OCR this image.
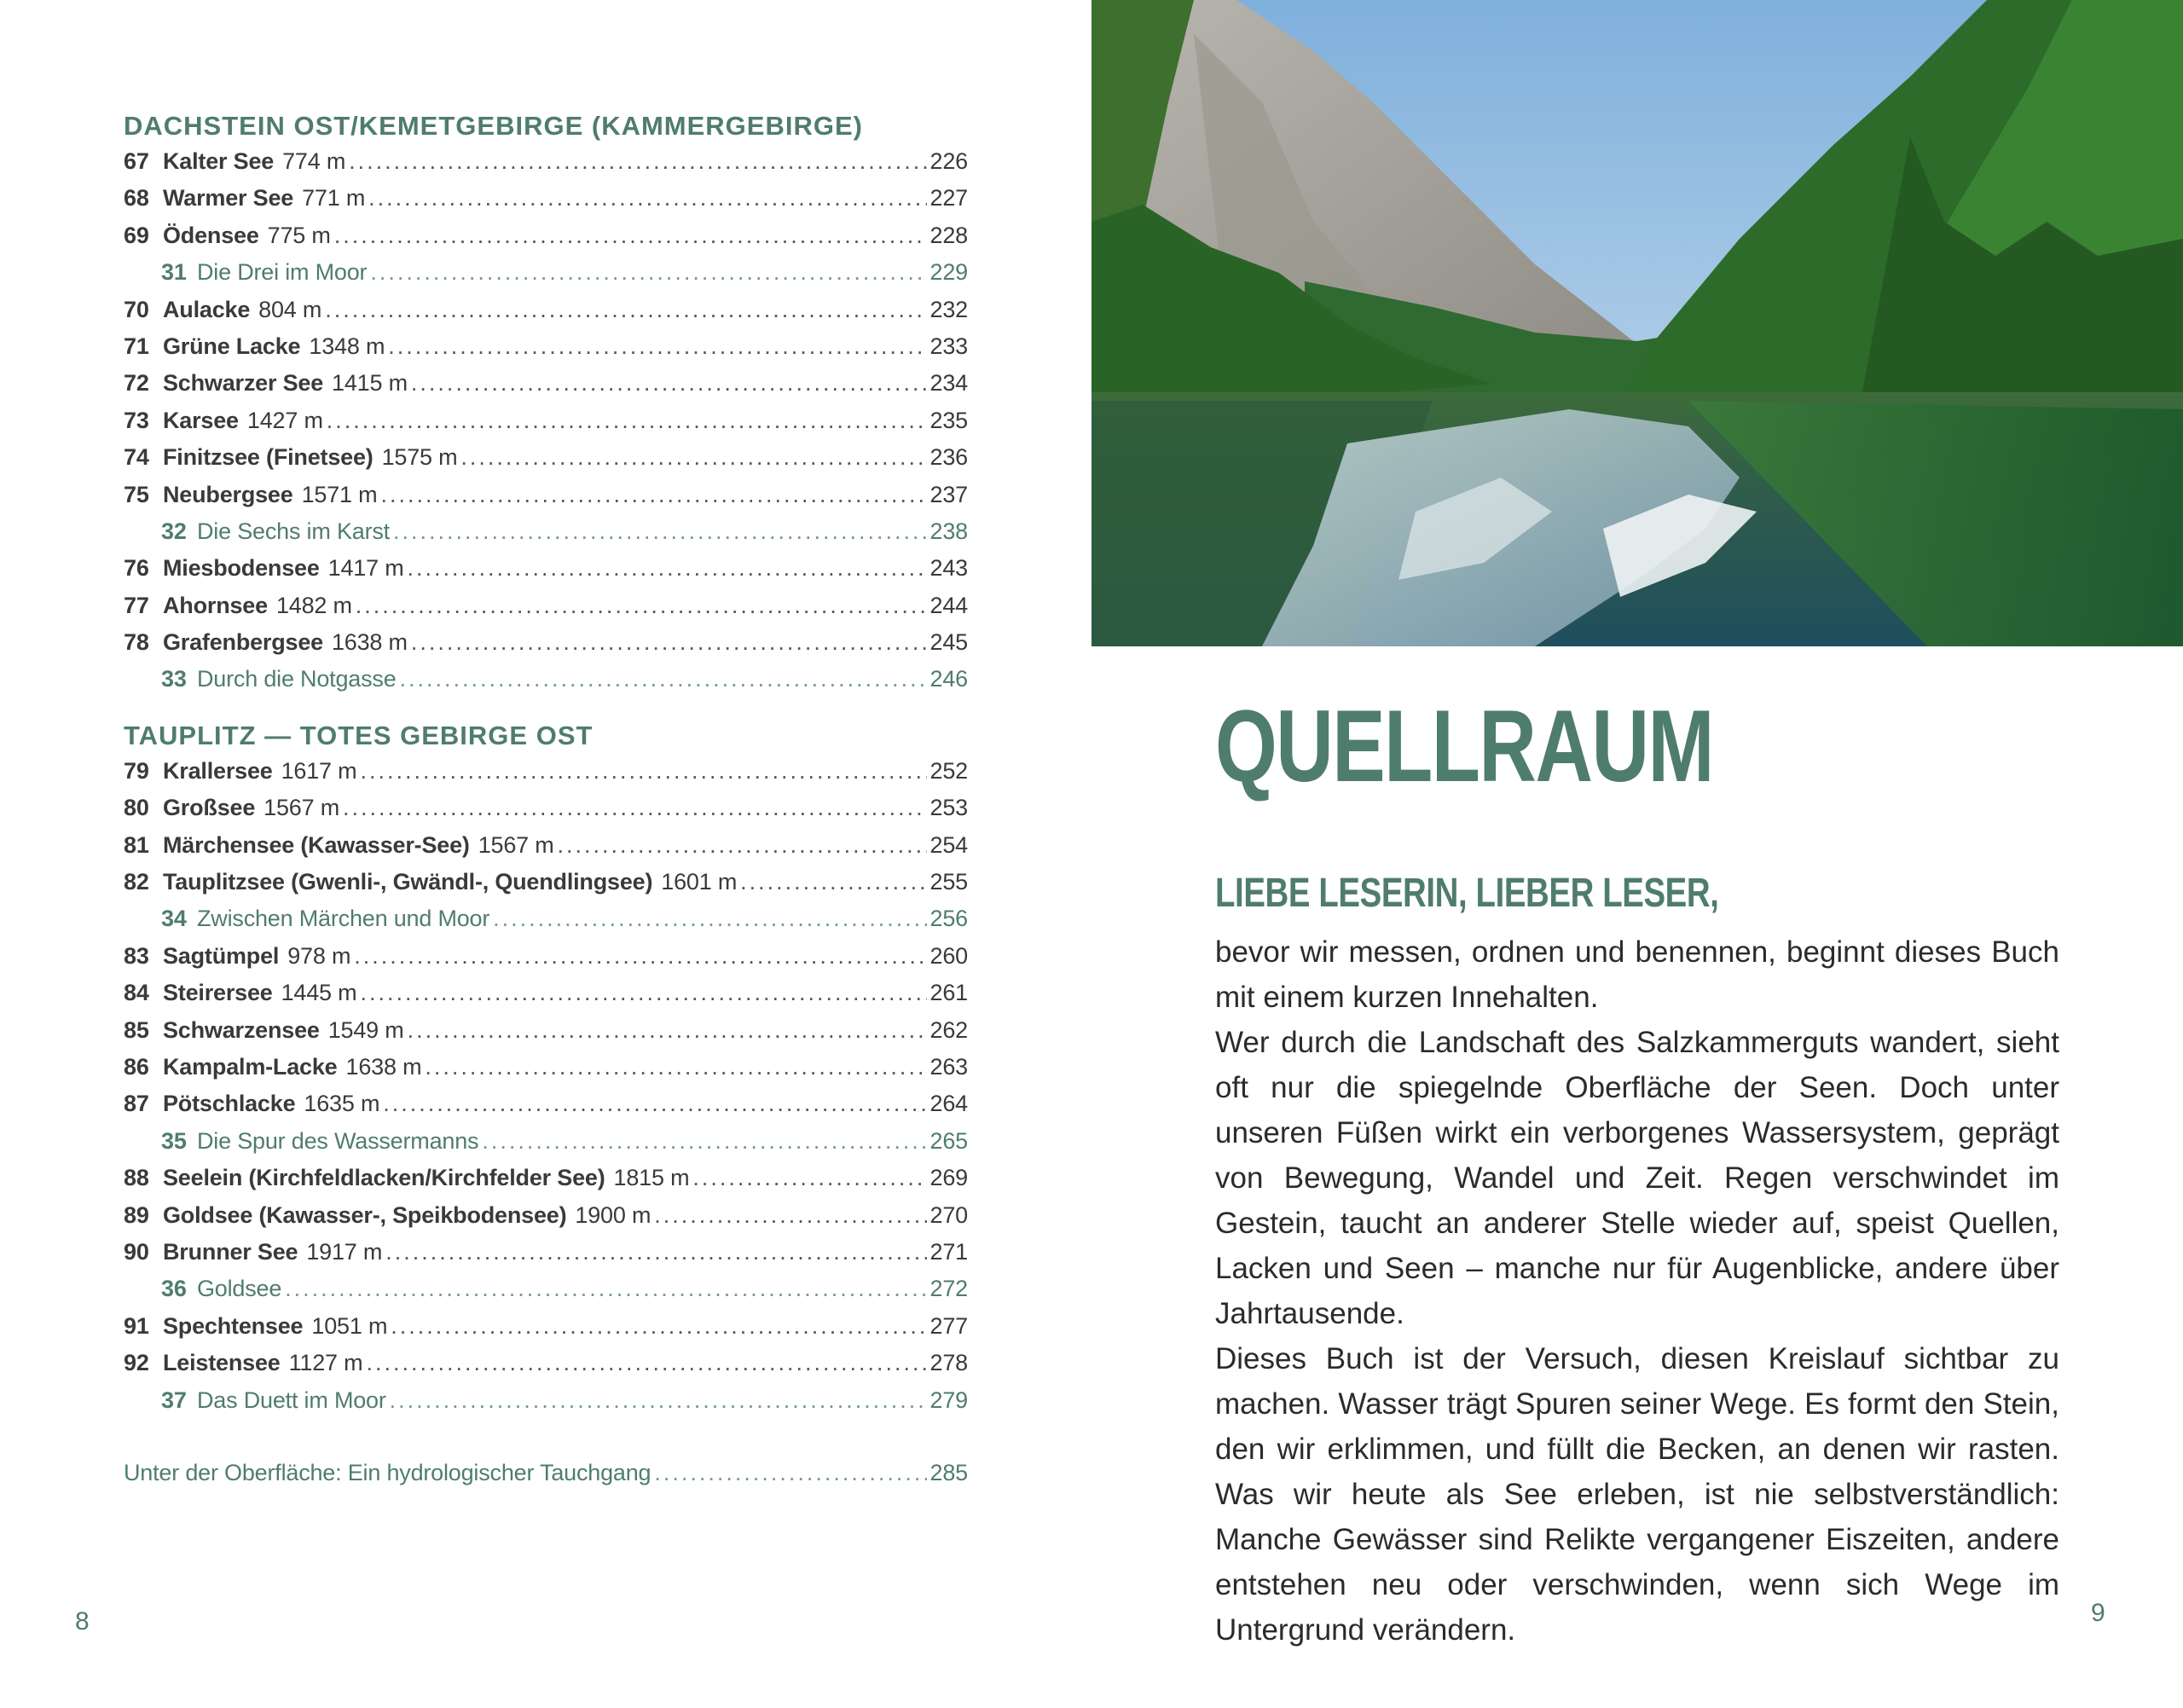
DACHSTEIN OST/KEMETGEBIRGE (KAMMERGEBIRGE)
67 Kalter See 774 m .....	226
68 Warmer See 771 m .....	227
69 Ödensee 775 m .....	228
31 Die Drei im Moor .....	229
70 Aulacke 804 m .....	232
71 Grüne Lacke 1348 m .....	233
72 Schwarzer See 1415 m .....	234
73 Karsee 1427 m .....	235
74 Finitzsee (Finetsee) 1575 m .....	236
75 Neubergsee 1571 m .....	237
32 Die Sechs im Karst .....	238
76 Miesbodensee 1417 m .....	243
77 Ahornsee 1482 m .....	244
78 Grafenbergsee 1638 m .....	245
33 Durch die Notgasse .....	246
TAUPLITZ — TOTES GEBIRGE OST
79 Krallersee 1617 m .....	252
80 Großsee 1567 m .....	253
81 Märchensee (Kawasser-See) 1567 m .....	254
82 Tauplitzsee (Gwenli-, Gwändl-, Quendlingsee) 1601 m .....	255
34 Zwischen Märchen und Moor .....	256
83 Sagtümpel 978 m .....	260
84 Steirersee 1445 m .....	261
85 Schwarzensee 1549 m .....	262
86 Kampalm-Lacke 1638 m .....	263
87 Pötschlacke 1635 m .....	264
35 Die Spur des Wassermanns .....	265
88 Seelein (Kirchfeldlacken/Kirchfelder See) 1815 m .....	269
89 Goldsee (Kawasser-, Speikbodensee) 1900 m .....	270
90 Brunner See 1917 m .....	271
36 Goldsee .....	272
91 Spechtensee 1051 m .....	277
92 Leistensee 1127 m .....	278
37 Das Duett im Moor .....	279
Unter der Oberfläche: Ein hydrologischer Tauchgang .....	285
8
QUELLRAUM
LIEBE LESERIN, LIEBER LESER,

bevor wir messen, ordnen und benennen, beginnt dieses Buch mit einem kurzen Innehalten.

Wer durch die Landschaft des Salzkammerguts wandert, sieht oft nur die spiegelnde Oberfläche der Seen. Doch unter unseren Füßen wirkt ein verborgenes Wassersystem, geprägt von Bewegung, Wandel und Zeit. Regen verschwindet im Gestein, taucht an anderer Stelle wieder auf, speist Quellen, Lacken und Seen – manche nur für Augenblicke, andere über Jahrtausende.

Dieses Buch ist der Versuch, diesen Kreislauf sichtbar zu machen. Wasser trägt Spuren seiner Wege. Es formt den Stein, den wir erklimmen, und füllt die Becken, an denen wir rasten. Was wir heute als See erleben, ist nie selbstverständlich: Manche Gewässer sind Relikte vergangener Eiszeiten, andere entstehen neu oder verschwinden, wenn sich Wege im Untergrund verändern.

9
